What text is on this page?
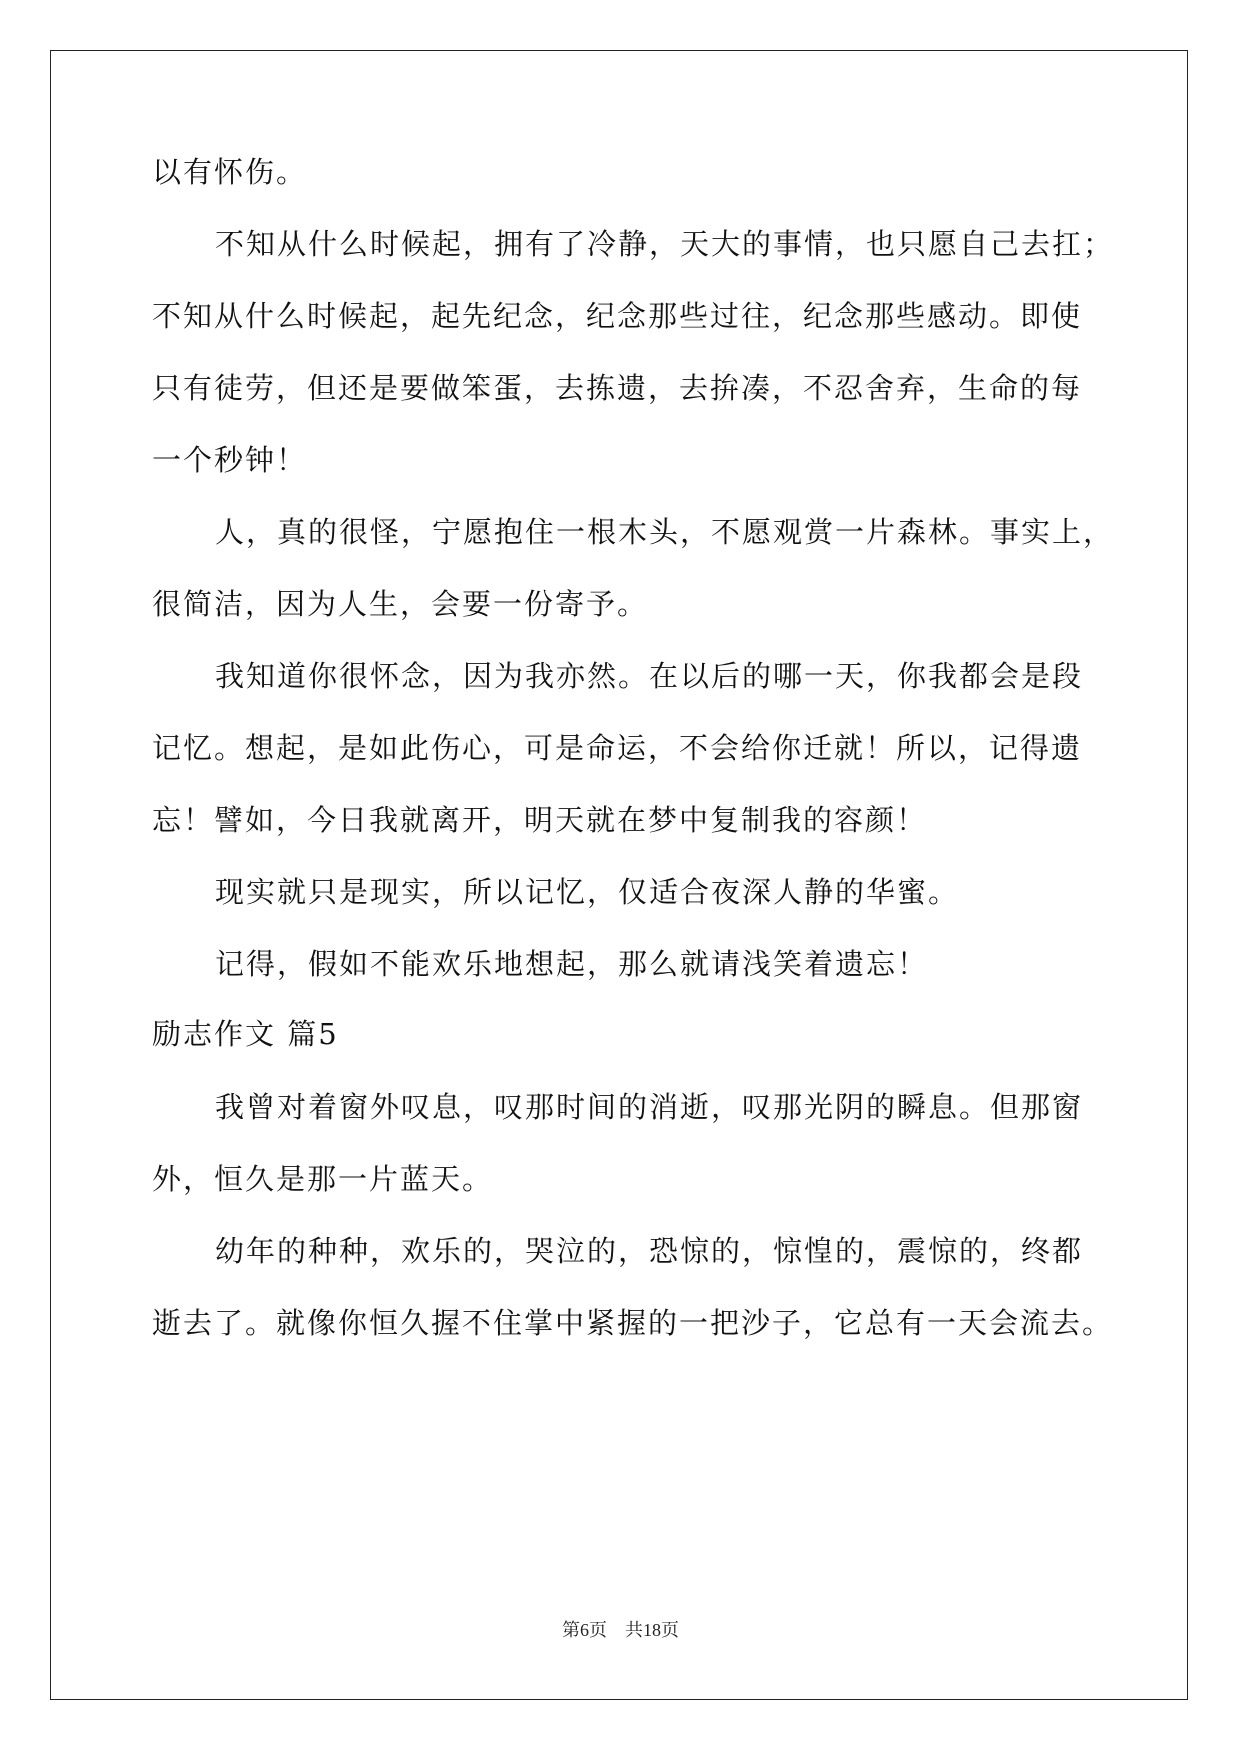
以有怀伤。
不知从什么时候起，拥有了冷静，天大的事情，也只愿自己去扛；
不知从什么时候起，起先纪念，纪念那些过往，纪念那些感动。即使
只有徒劳，但还是要做笨蛋，去拣遗，去拚凑，不忍舍弃，生命的每
一个秒钟！
人，真的很怪，宁愿抱住一根木头，不愿观赏一片森林。事实上，
很简洁，因为人生，会要一份寄予。
我知道你很怀念，因为我亦然。在以后的哪一天，你我都会是段
记忆。想起，是如此伤心，可是命运，不会给你迁就！所以，记得遗
忘！譬如，今日我就离开，明天就在梦中复制我的容颜！
现实就只是现实，所以记忆，仅适合夜深人静的华蜜。
记得，假如不能欢乐地想起，那么就请浅笑着遗忘！
励志作文 篇5
我曾对着窗外叹息，叹那时间的消逝，叹那光阴的瞬息。但那窗
外，恒久是那一片蓝天。
幼年的种种，欢乐的，哭泣的，恐惊的，惊惶的，震惊的，终都
逝去了。就像你恒久握不住掌中紧握的一把沙子，它总有一天会流去。
第6页 共18页
